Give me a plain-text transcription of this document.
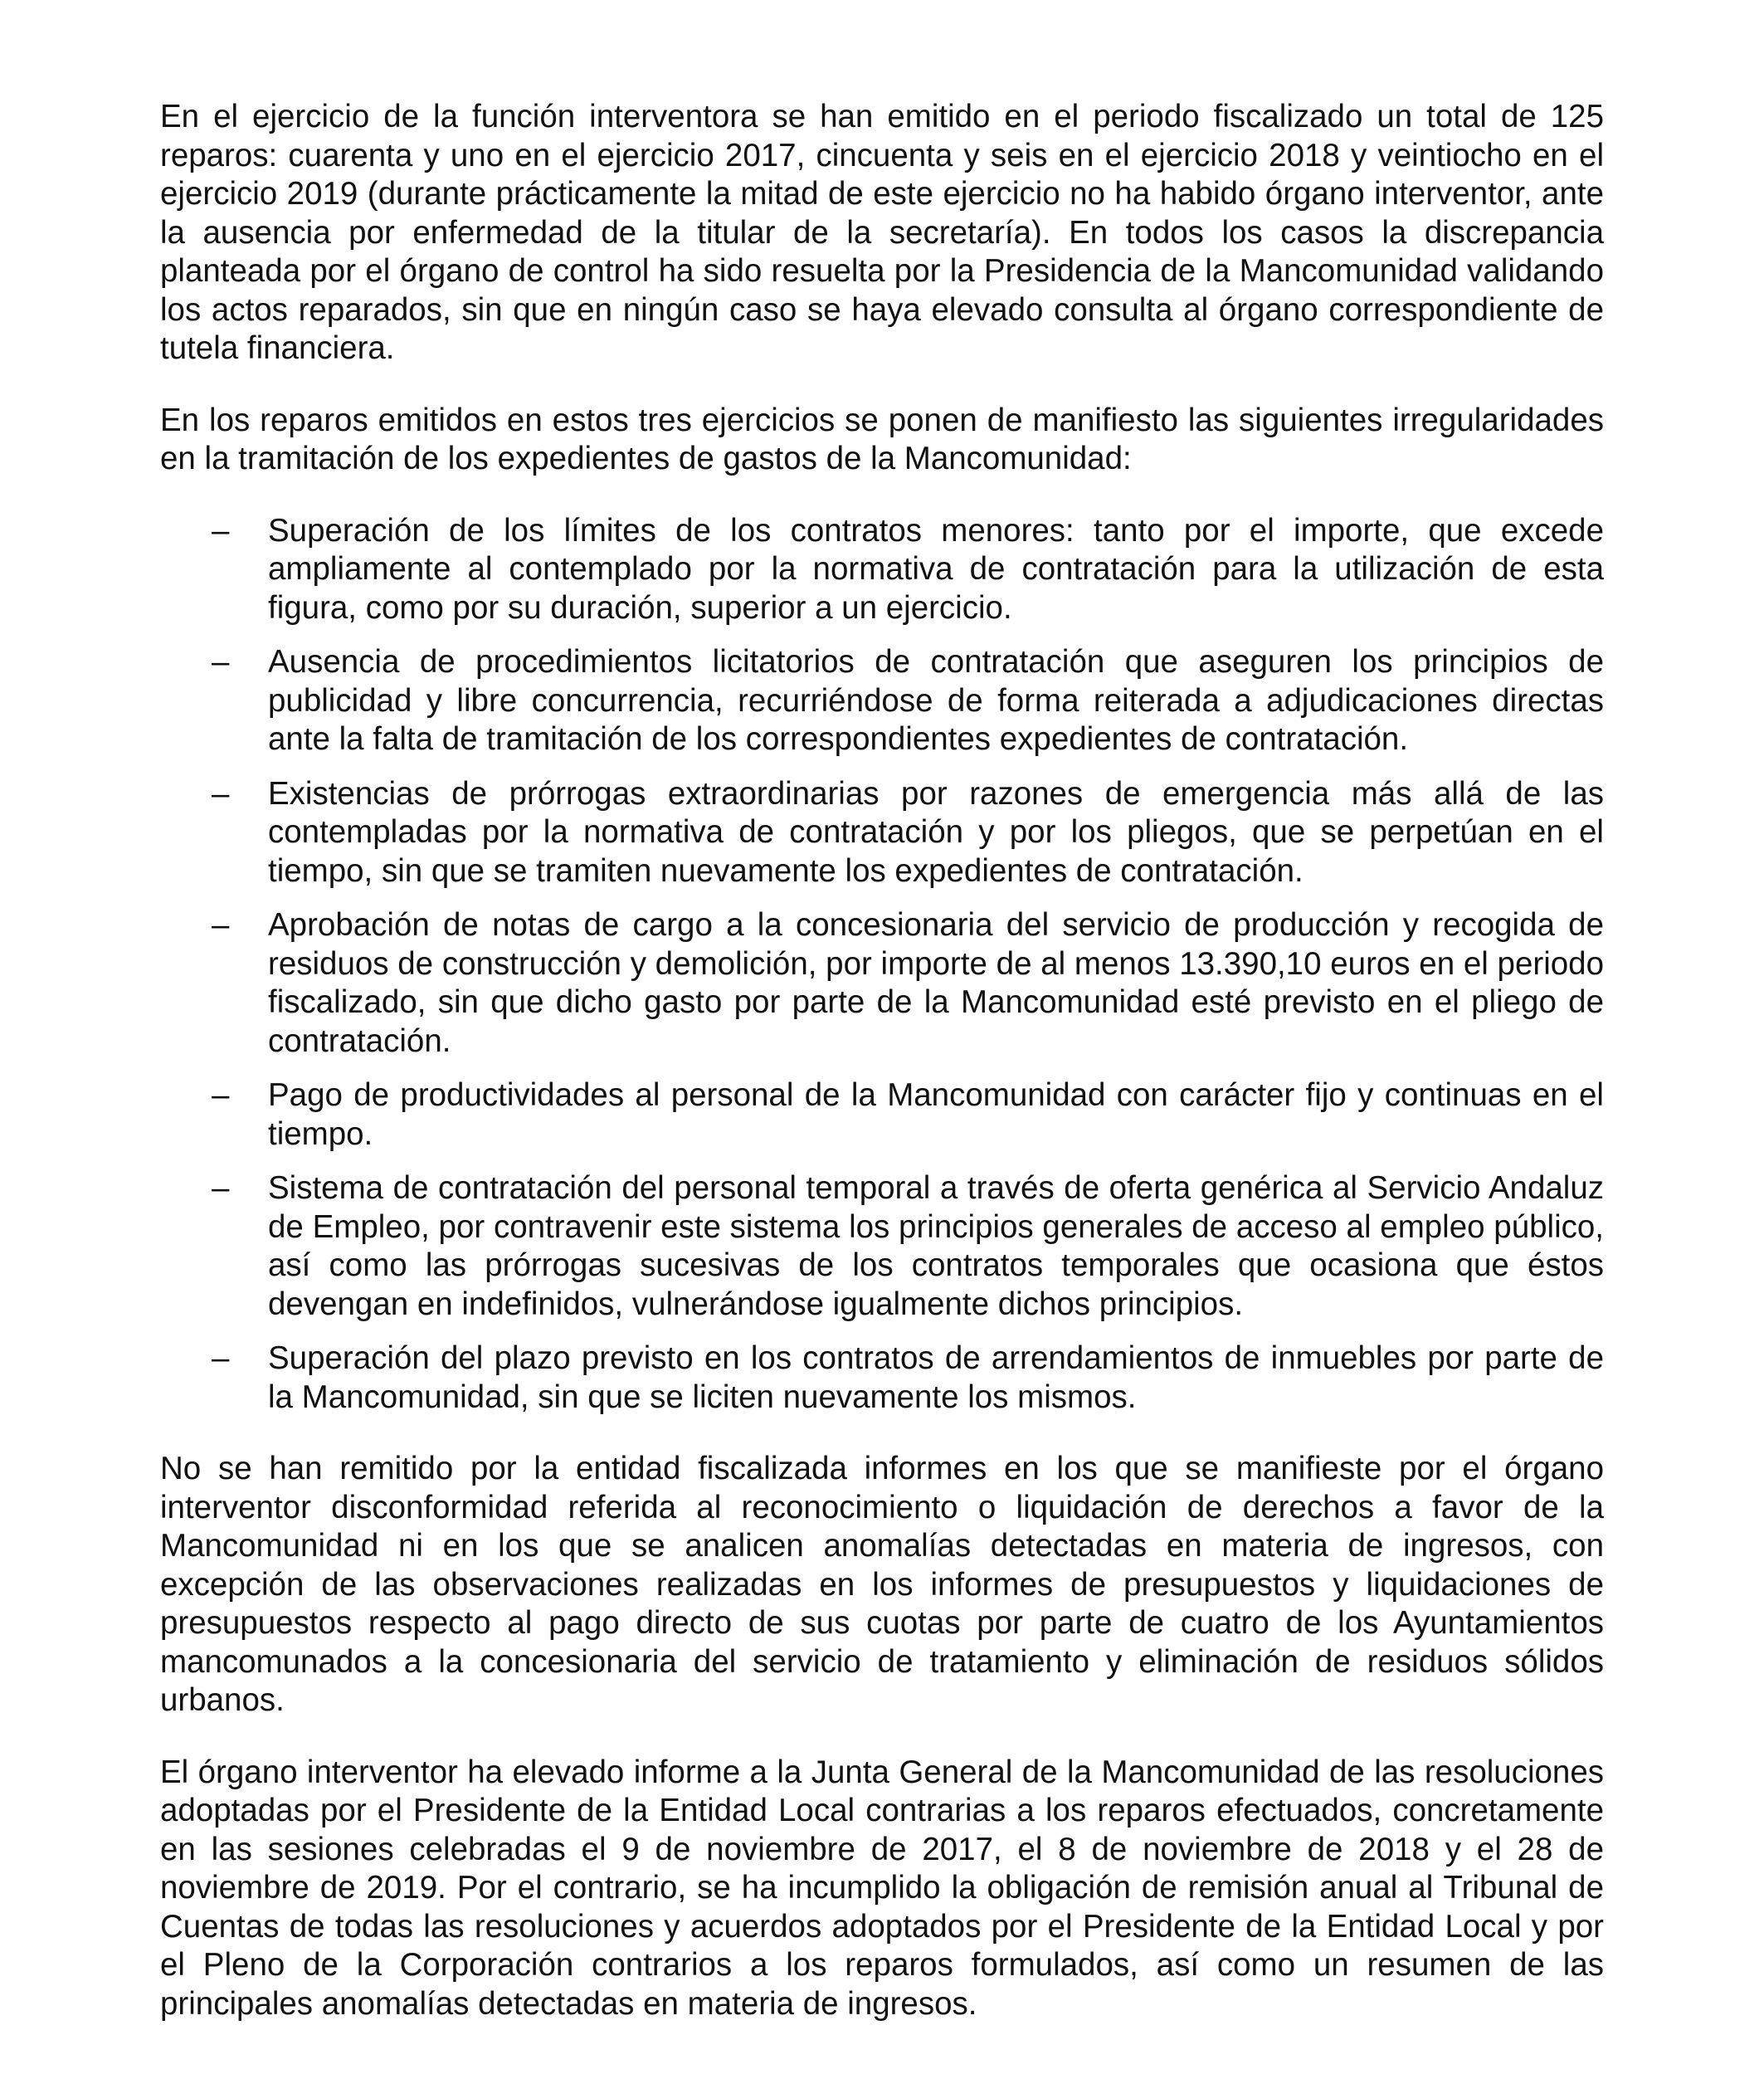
En el ejercicio de la función interventora se han emitido en el periodo fiscalizado un total de 125 reparos: cuarenta y uno en el ejercicio 2017, cincuenta y seis en el ejercicio 2018 y veintiocho en el ejercicio 2019 (durante prácticamente la mitad de este ejercicio no ha habido órgano interventor, ante la ausencia por enfermedad de la titular de la secretaría). En todos los casos la discrepancia planteada por el órgano de control ha sido resuelta por la Presidencia de la Mancomunidad validando los actos reparados, sin que en ningún caso se haya elevado consulta al órgano correspondiente de tutela financiera.

En los reparos emitidos en estos tres ejercicios se ponen de manifiesto las siguientes irregularidades en la tramitación de los expedientes de gastos de la Mancomunidad:

– Superación de los límites de los contratos menores: tanto por el importe, que excede ampliamente al contemplado por la normativa de contratación para la utilización de esta figura, como por su duración, superior a un ejercicio.
– Ausencia de procedimientos licitatorios de contratación que aseguren los principios de publicidad y libre concurrencia, recurriéndose de forma reiterada a adjudicaciones directas ante la falta de tramitación de los correspondientes expedientes de contratación.
– Existencias de prórrogas extraordinarias por razones de emergencia más allá de las contempladas por la normativa de contratación y por los pliegos, que se perpetúan en el tiempo, sin que se tramiten nuevamente los expedientes de contratación.
– Aprobación de notas de cargo a la concesionaria del servicio de producción y recogida de residuos de construcción y demolición, por importe de al menos 13.390,10 euros en el periodo fiscalizado, sin que dicho gasto por parte de la Mancomunidad esté previsto en el pliego de contratación.
– Pago de productividades al personal de la Mancomunidad con carácter fijo y continuas en el tiempo.
– Sistema de contratación del personal temporal a través de oferta genérica al Servicio Andaluz de Empleo, por contravenir este sistema los principios generales de acceso al empleo público, así como las prórrogas sucesivas de los contratos temporales que ocasiona que éstos devengan en indefinidos, vulnerándose igualmente dichos principios.
– Superación del plazo previsto en los contratos de arrendamientos de inmuebles por parte de la Mancomunidad, sin que se liciten nuevamente los mismos.

No se han remitido por la entidad fiscalizada informes en los que se manifieste por el órgano interventor disconformidad referida al reconocimiento o liquidación de derechos a favor de la Mancomunidad ni en los que se analicen anomalías detectadas en materia de ingresos, con excepción de las observaciones realizadas en los informes de presupuestos y liquidaciones de presupuestos respecto al pago directo de sus cuotas por parte de cuatro de los Ayuntamientos mancomunados a la concesionaria del servicio de tratamiento y eliminación de residuos sólidos urbanos.

El órgano interventor ha elevado informe a la Junta General de la Mancomunidad de las resoluciones adoptadas por el Presidente de la Entidad Local contrarias a los reparos efectuados, concretamente en las sesiones celebradas el 9 de noviembre de 2017, el 8 de noviembre de 2018 y el 28 de noviembre de 2019. Por el contrario, se ha incumplido la obligación de remisión anual al Tribunal de Cuentas de todas las resoluciones y acuerdos adoptados por el Presidente de la Entidad Local y por el Pleno de la Corporación contrarios a los reparos formulados, así como un resumen de las principales anomalías detectadas en materia de ingresos.
